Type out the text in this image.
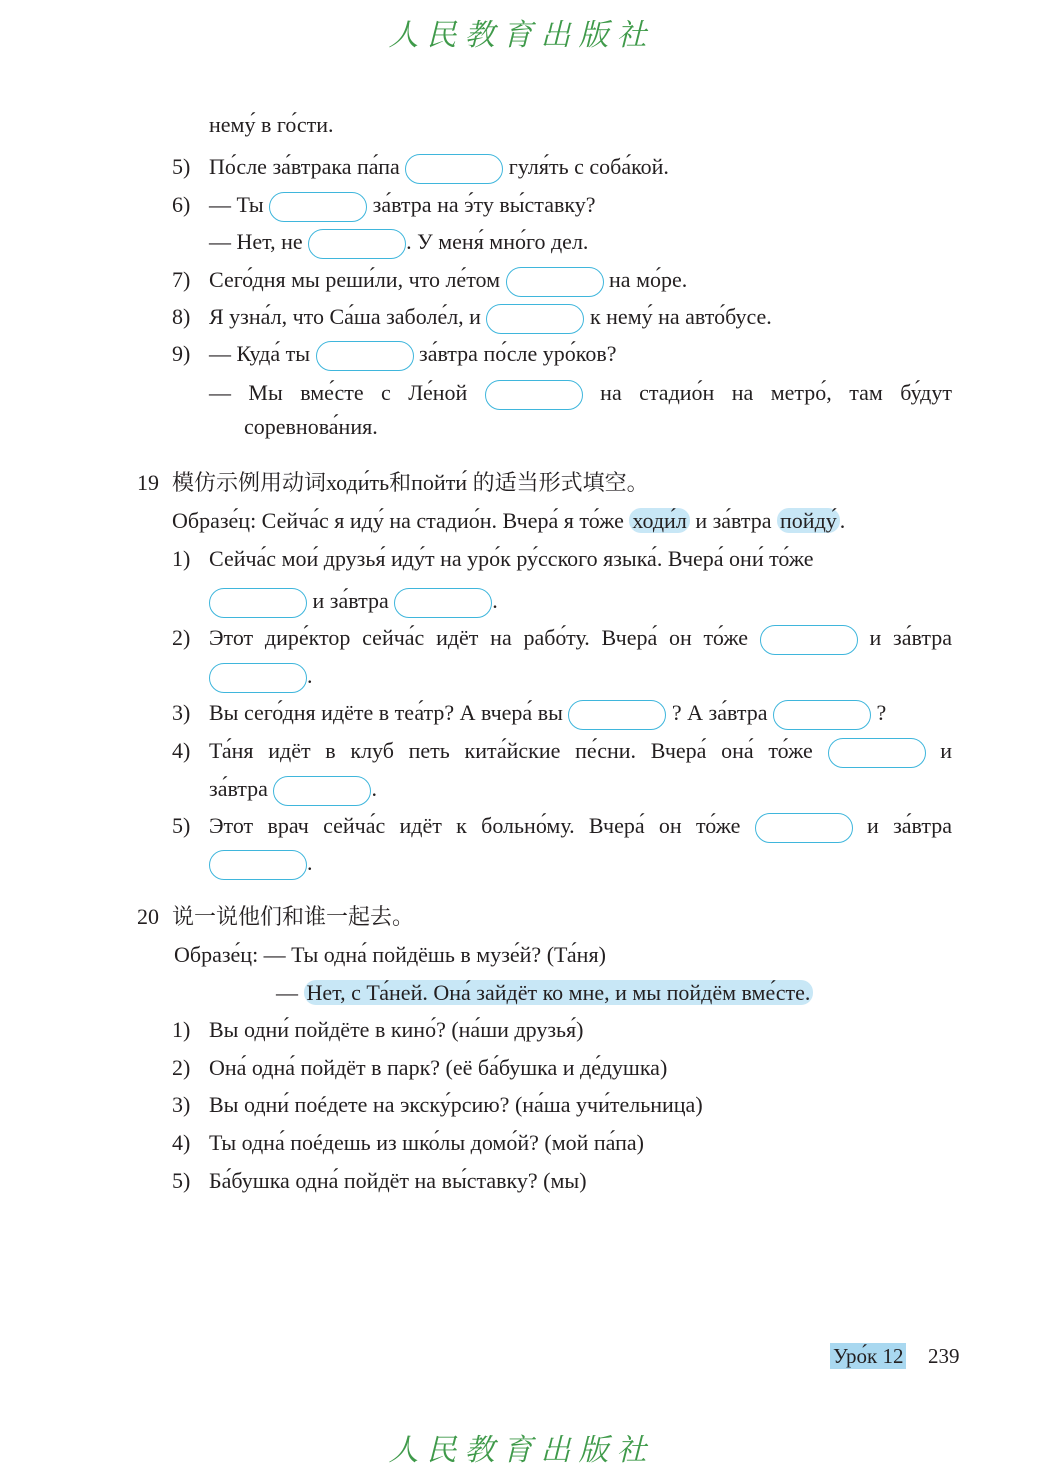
人民教育出版社
нему́ в го́сти.
5) По́сле за́втрака па́па	гуля́ть с соба́кой.
6) — Ты	за́втра на э́ту вы́ставку?
— Нет, не	. У меня́ мно́го дел.
7) Сего́дня мы реши́ли, что ле́том	на мо́ре.
8) Я узна́л, что Са́ша заболе́л, и	к нему́ на авто́бусе.
9) — Куда́ ты	за́втра по́сле уро́ков?
— Мы вме́сте с Ле́ной	на стадио́н на метро́, там бу́дут
соревнова́ния.
19 模仿示例用动词ходи́ть和пойти́ 的适当形式填空。
Образе́ц: Сейча́с я иду́ на стадио́н. Вчера́ я то́же ходи́л и за́втра пойду́ .
1) Сейча́с мои́ друзья́ иду́т на уро́к ру́сского языка́. Вчера́ они́ то́же
и за́втра	.
2) Этот дире́ктор сейча́с идёт на рабо́ту. Вчера́ он то́же	и за́втра
.
3) Вы сего́дня идёте в теа́тр? А вчера́ вы	? А за́втра	?
4) Та́ня идёт в клуб петь кита́йские пе́сни. Вчера́ она́ то́же	и
за́втра	.
5) Этот врач сейча́с идёт к больно́му. Вчера́ он то́же	и за́втра
.
20 说一说他们和谁一起去。
Образе́ц: — Ты одна́ пойдёшь в музе́й? (Та́ня)
— Нет, с Та́ней. Она́ зайдёт ко мне, и мы пойдём вме́сте.
1) Вы одни́ пойдёте в кино́? (на́ши друзья́)
2) Она́ одна́ пойдёт в парк? (её ба́бушка и де́душка)
3) Вы одни́ поéдете на экску́рсию? (на́ша учи́тельница)
4) Ты одна́ поéдешь из шко́лы домо́й? (мой па́па)
5) Ба́бушка одна́ пойдёт на вы́ставку? (мы)
Уро́к 12 239
人民教育出版社
